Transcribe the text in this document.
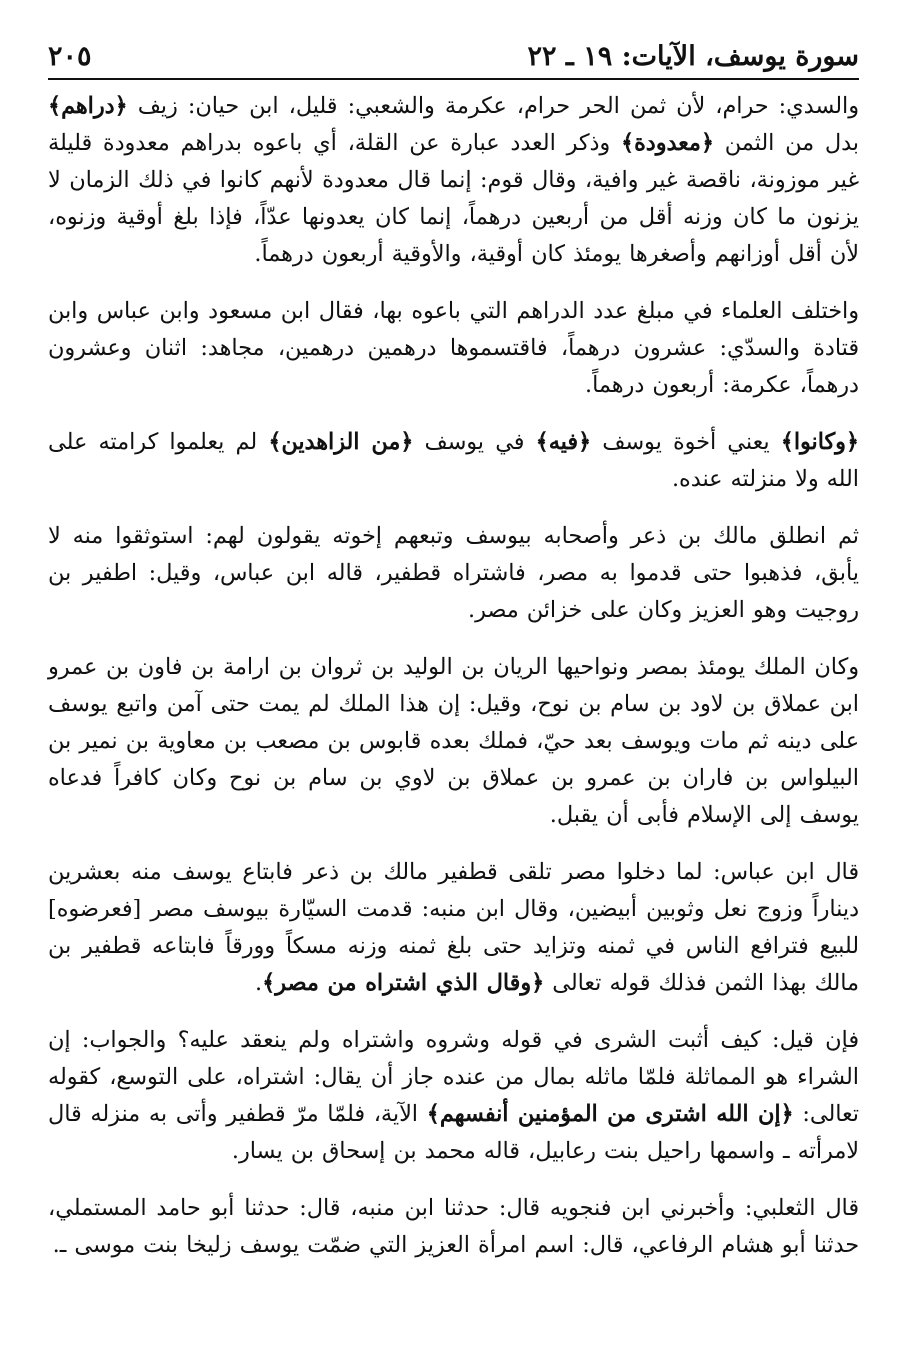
سورة يوسف، الآيات: ١٩ ـ ٢٢
٢٠٥

والسدي: حرام، لأن ثمن الحر حرام، عكرمة والشعبي: قليل، ابن حيان: زيف ﴿دراهم﴾ بدل من الثمن ﴿معدودة﴾ وذكر العدد عبارة عن القلة، أي باعوه بدراهم معدودة قليلة غير موزونة، ناقصة غير وافية، وقال قوم: إنما قال معدودة لأنهم كانوا في ذلك الزمان لا يزنون ما كان وزنه أقل من أربعين درهماً، إنما كان يعدونها عدّاً، فإذا بلغ أوقية وزنوه، لأن أقل أوزانهم وأصغرها يومئذ كان أوقية، والأوقية أربعون درهماً.

واختلف العلماء في مبلغ عدد الدراهم التي باعوه بها، فقال ابن مسعود وابن عباس وابن قتادة والسدّي: عشرون درهماً، فاقتسموها درهمين درهمين، مجاهد: اثنان وعشرون درهماً، عكرمة: أربعون درهماً.

﴿وكانوا﴾ يعني أخوة يوسف ﴿فيه﴾ في يوسف ﴿من الزاهدين﴾ لم يعلموا كرامته على الله ولا منزلته عنده.

ثم انطلق مالك بن ذعر وأصحابه بيوسف وتبعهم إخوته يقولون لهم: استوثقوا منه لا يأبق، فذهبوا حتى قدموا به مصر، فاشتراه قطفير، قاله ابن عباس، وقيل: اطفير بن روجيت وهو العزيز وكان على خزائن مصر.

وكان الملك يومئذ بمصر ونواحيها الريان بن الوليد بن ثروان بن ارامة بن فاون بن عمرو ابن عملاق بن لاود بن سام بن نوح، وقيل: إن هذا الملك لم يمت حتى آمن واتبع يوسف على دينه ثم مات ويوسف بعد حيّ، فملك بعده قابوس بن مصعب بن معاوية بن نمير بن البيلواس بن فاران بن عمرو بن عملاق بن لاوي بن سام بن نوح وكان كافراً فدعاه يوسف إلى الإسلام فأبى أن يقبل.

قال ابن عباس: لما دخلوا مصر تلقى قطفير مالك بن ذعر فابتاع يوسف منه بعشرين ديناراً وزوج نعل وثوبين أبيضين، وقال ابن منبه: قدمت السيّارة بيوسف مصر [فعرضوه] للبيع فترافع الناس في ثمنه وتزايد حتى بلغ ثمنه وزنه مسكاً وورقاً فابتاعه قطفير بن مالك بهذا الثمن فذلك قوله تعالى ﴿وقال الذي اشتراه من مصر﴾.

فإن قيل: كيف أثبت الشرى في قوله وشروه واشتراه ولم ينعقد عليه؟ والجواب: إن الشراء هو المماثلة فلمّا ماثله بمال من عنده جاز أن يقال: اشتراه، على التوسع، كقوله تعالى: ﴿إن الله اشترى من المؤمنين أنفسهم﴾ الآية، فلمّا مرّ قطفير وأتى به منزله قال لامرأته ـ واسمها راحيل بنت رعابيل، قاله محمد بن إسحاق بن يسار.

قال الثعلبي: وأخبرني ابن فنجويه قال: حدثنا ابن منبه، قال: حدثنا أبو حامد المستملي، حدثنا أبو هشام الرفاعي، قال: اسم امرأة العزيز التي ضمّت يوسف زليخا بنت موسى ـ.
